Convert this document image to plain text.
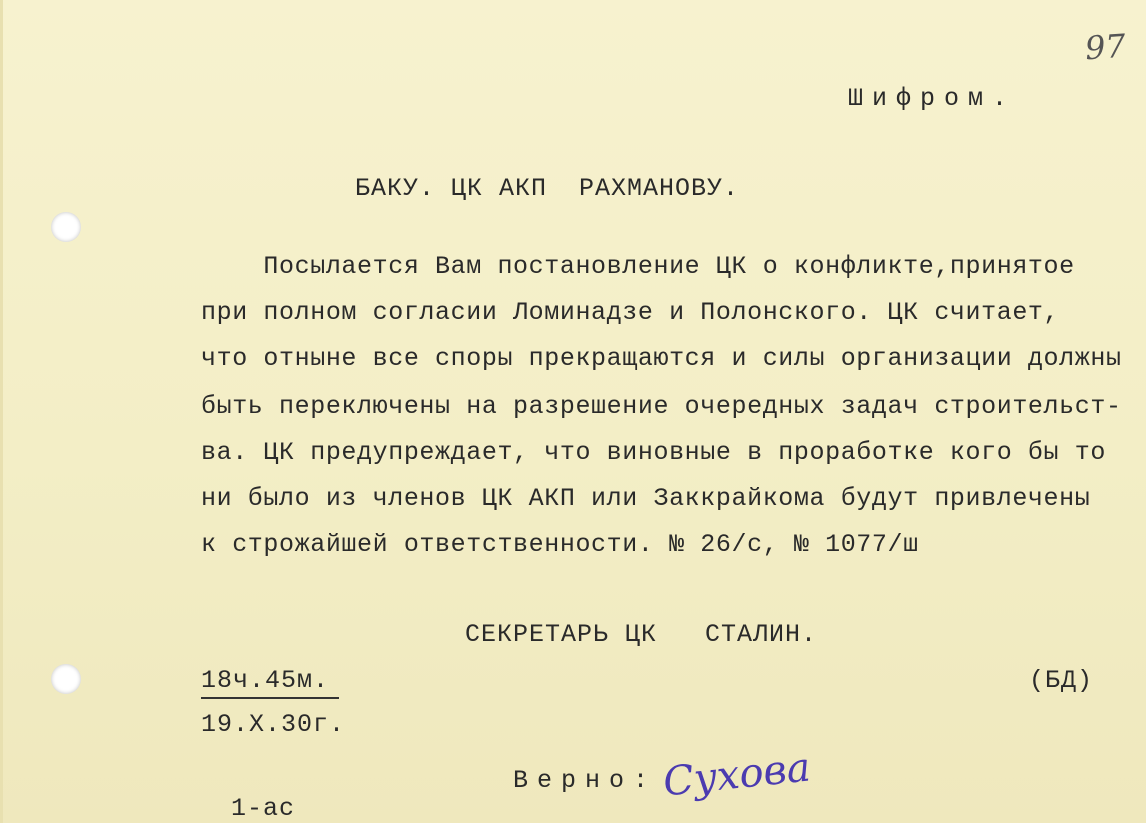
97
Шифром.
БАКУ. ЦК АКП  РАХМАНОВУ.
Посылается Вам постановление ЦК о конфликте,принятое
при полном согласии Ломинадзе и Полонского. ЦК считает,
что отныне все споры прекращаются и силы организации должны
быть переключены на разрешение очередных задач строительст-
ва. ЦК предупреждает, что виновные в проработке кого бы то
ни было из членов ЦК АКП или Заккрайкома будут привлечены
к строжайшей ответственности. № 26/с, № 1077/ш
СЕКРЕТАРЬ ЦК   СТАЛИН.
18ч.45м.	(БД)
19.X.30г.
Верно: Сухова
1-ас
